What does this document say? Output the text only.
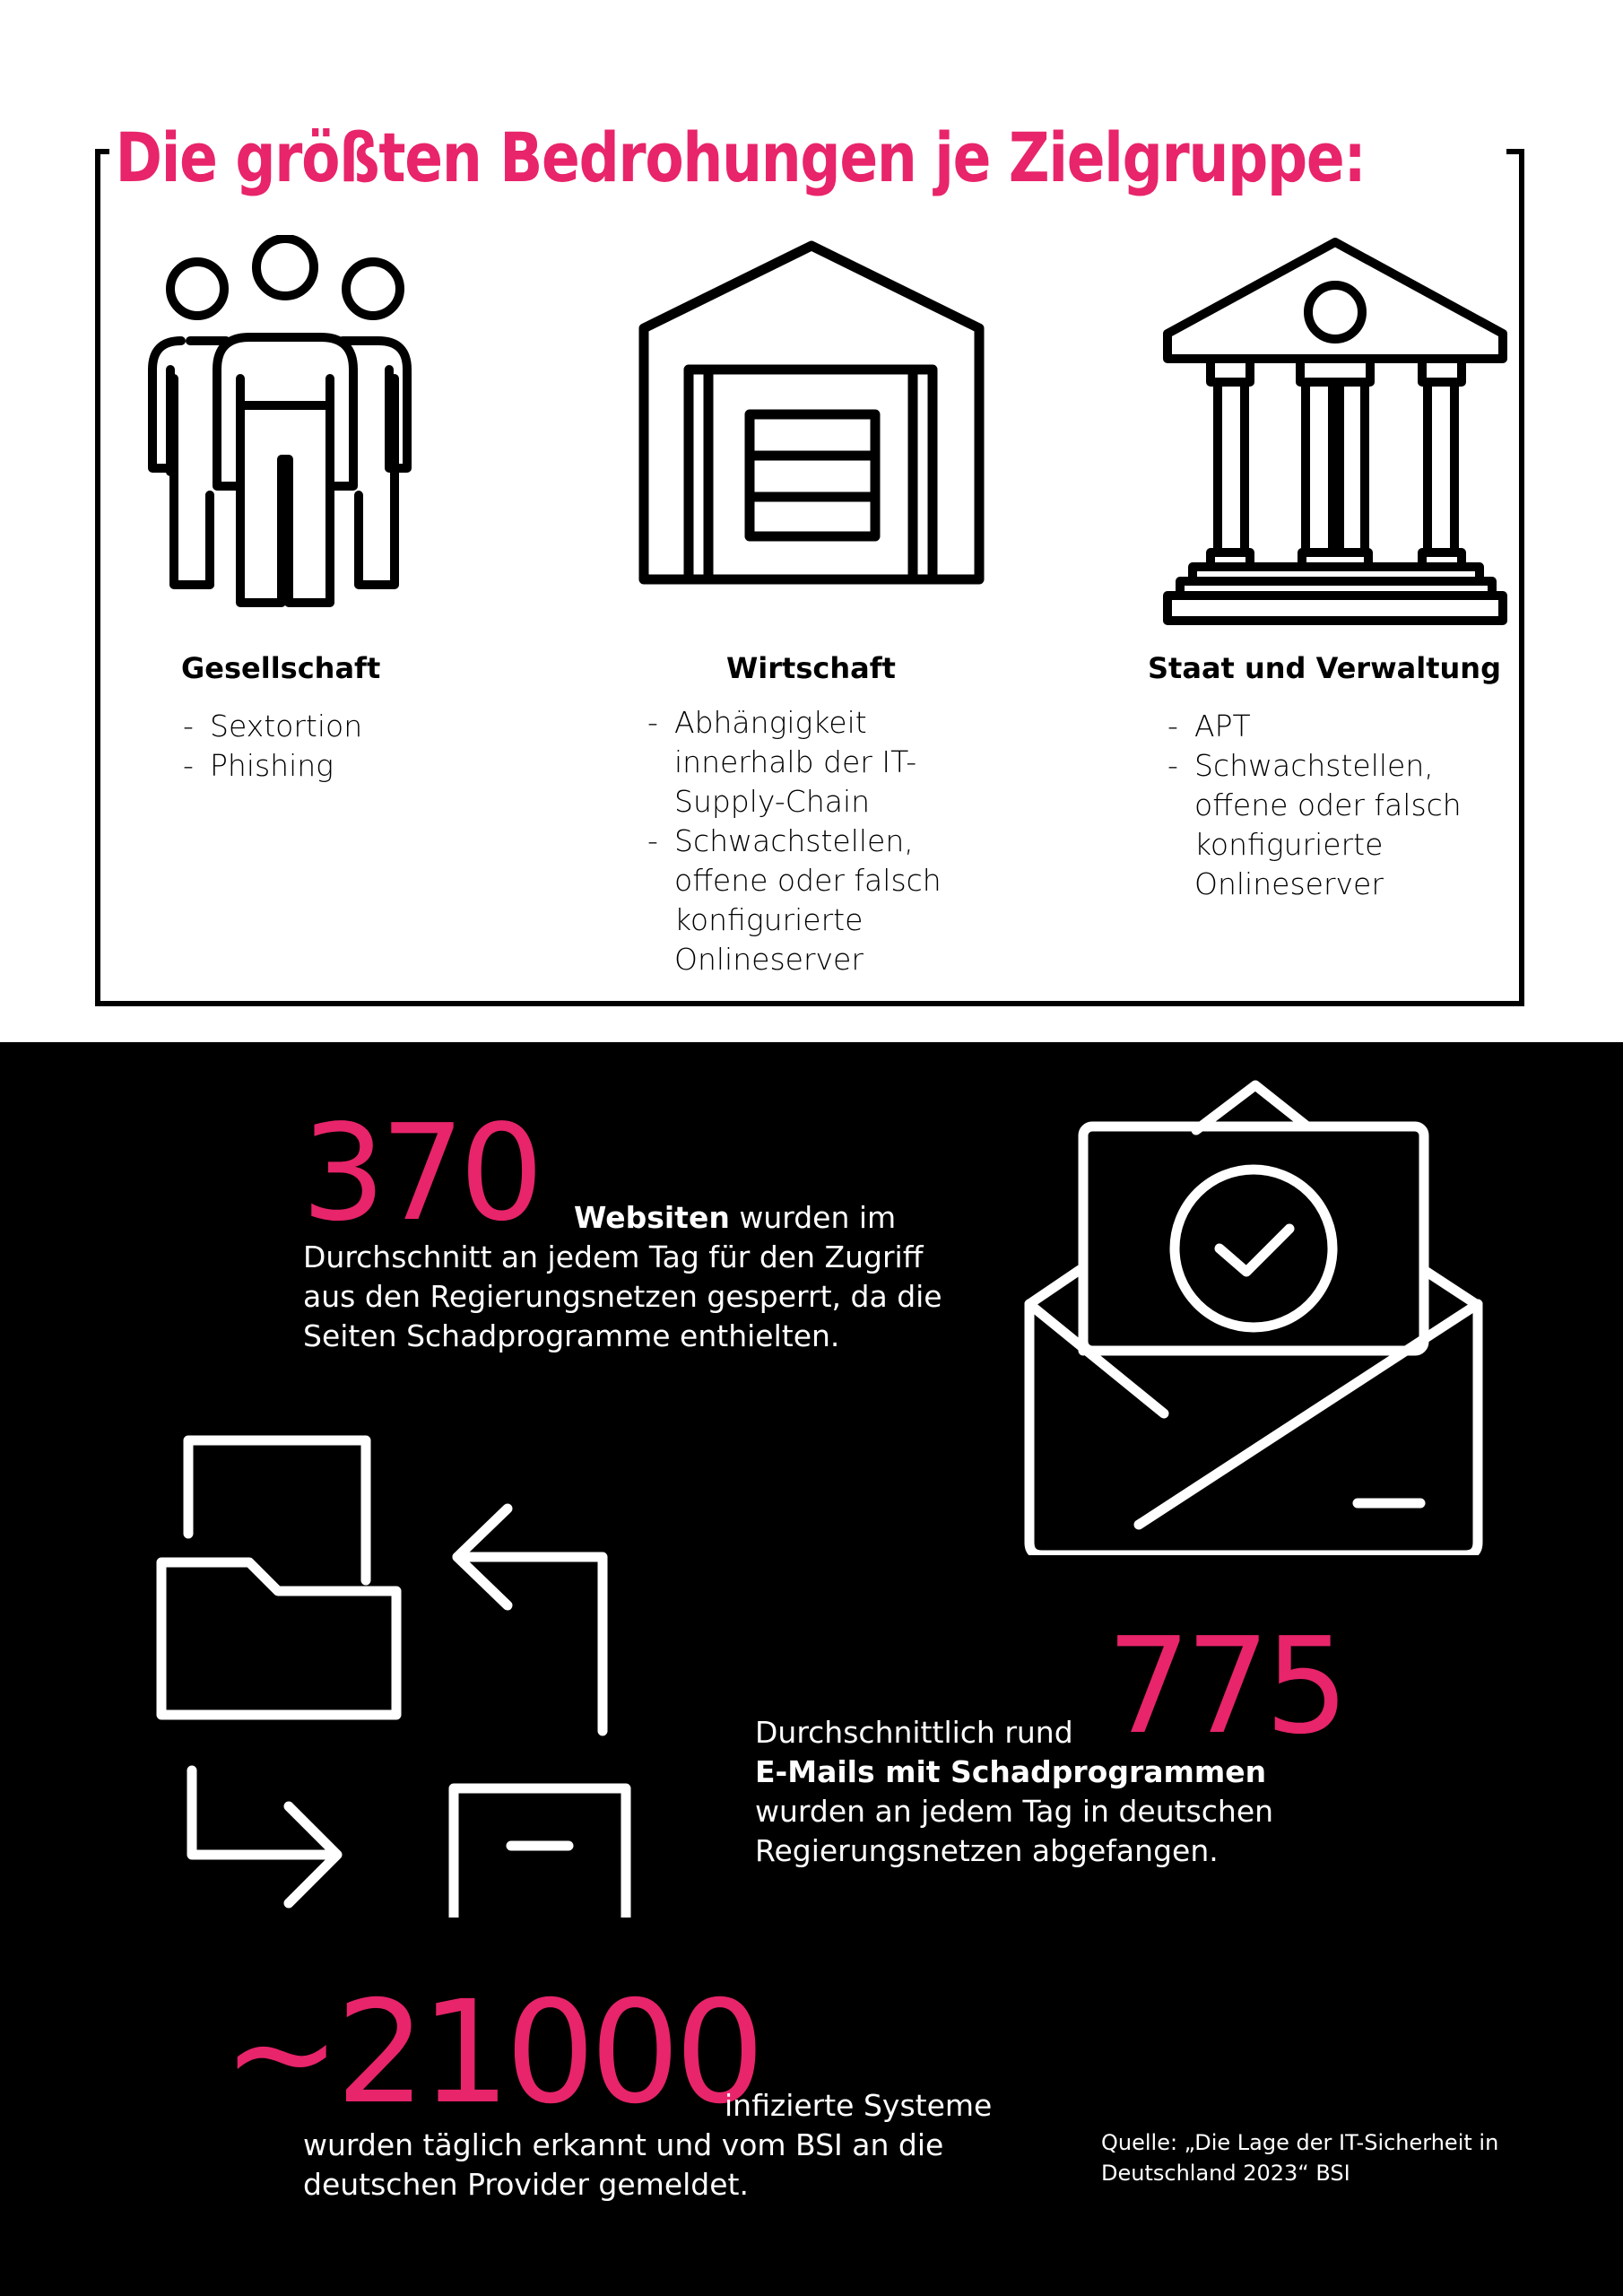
Die größten Bedrohungen je Zielgruppe:
Gesellschaft
- Sextortion
- Phishing
Wirtschaft
- Abhängigkeit innerhalb der IT-Supply-Chain
- Schwachstellen, offene oder falsch konfigurierte Onlineserver
Staat und Verwaltung
- APT
- Schwachstellen, offene oder falsch konfigurierte Onlineserver
370 Websiten wurden im
Durchschnitt an jedem Tag für den Zugriff aus den Regierungsnetzen gesperrt, da die Seiten Schadprogramme enthielten.
775
Durchschnittlich rund
E-Mails mit Schadprogrammen
wurden an jedem Tag in deutschen Regierungsnetzen abgefangen.
~21000
infizierte Systeme
wurden täglich erkannt und vom BSI an die deutschen Provider gemeldet.
Quelle: „Die Lage der IT-Sicherheit in Deutschland 2023“ BSI
